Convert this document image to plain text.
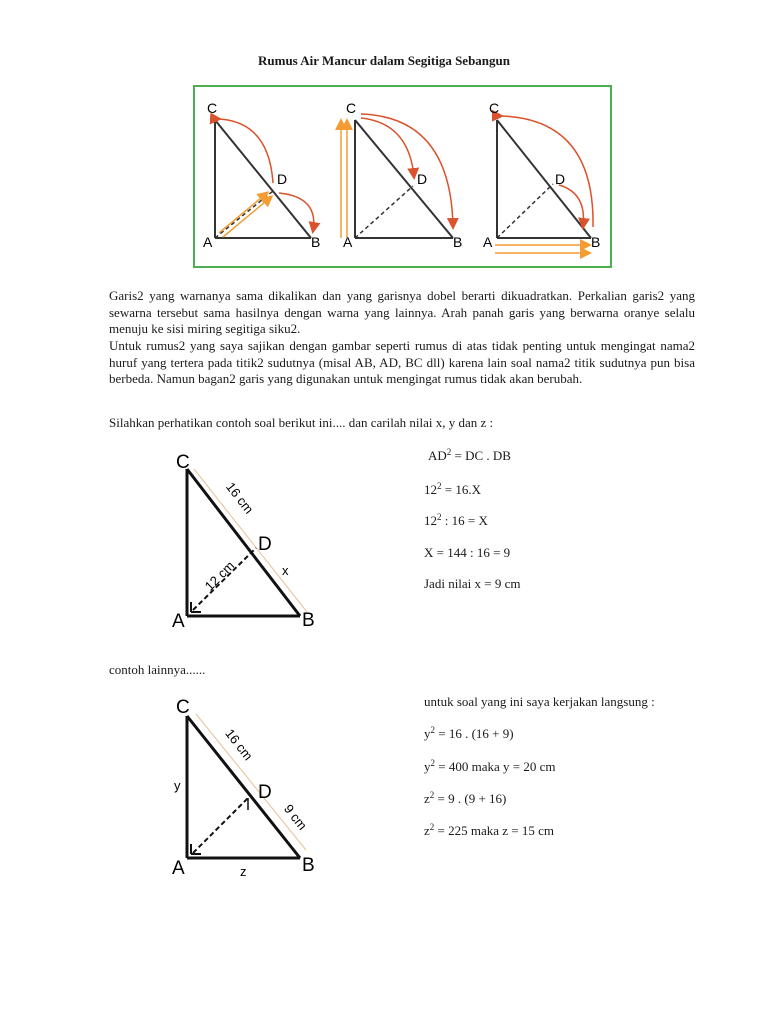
Rumus Air Mancur dalam Segitiga Sebangun
C
D
A	B
C
D
A	B
C
D
A	B
Garis2 yang warnanya sama dikalikan dan yang garisnya dobel berarti dikuadratkan. Perkalian garis2 yang sewarna tersebut sama hasilnya dengan warna yang lainnya. Arah panah garis yang berwarna oranye selalu menuju ke sisi miring segitiga siku2.
Untuk rumus2 yang saya sajikan dengan gambar seperti rumus di atas tidak penting untuk mengingat nama2 huruf yang tertera pada titik2 sudutnya (misal AB, AD, BC dll) karena lain soal nama2 titik sudutnya pun bisa berbeda. Namun bagan2 garis yang digunakan untuk mengingat rumus tidak akan berubah.
Silahkan perhatikan contoh soal berikut ini.... dan carilah nilai x, y dan z :
C
D
A	B
16 cm
12 cm	x
$AD^2$ = DC . DB
$12^2 = 16.X$
$12^2$ : 16 = X
X = 144 : 16 = 9
Jadi nilai x = 9 cm
contoh lainnya......
C
D
A	B
16 cm
9 cm
y
z
untuk soal yang ini saya kerjakan langsung :
$y^2 = 16$ . (16 + 9)
$y^2 = 400$ maka y = 20 cm
$z^2 = 9$ . (9 + 16)
$z^2 = 225$ maka z = 15 cm
